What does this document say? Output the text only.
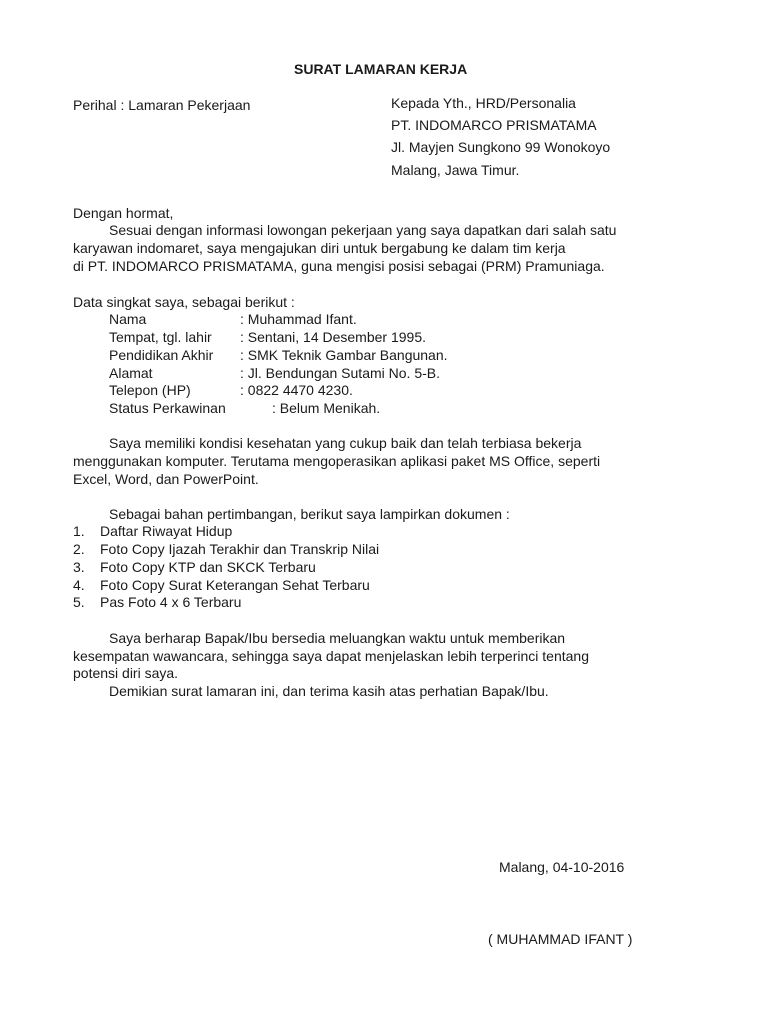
SURAT LAMARAN KERJA
Perihal : Lamaran Pekerjaan	Kepada Yth., HRD/Personalia
PT. INDOMARCO PRISMATAMA
Jl. Mayjen Sungkono 99 Wonokoyo
Malang, Jawa Timur.
Dengan hormat,
Sesuai dengan informasi lowongan pekerjaan yang saya dapatkan dari salah satu
karyawan indomaret, saya mengajukan diri untuk bergabung ke dalam tim kerja
di PT. INDOMARCO PRISMATAMA, guna mengisi posisi sebagai (PRM) Pramuniaga.
Data singkat saya, sebagai berikut :
Nama	: Muhammad Ifant.
Tempat, tgl. lahir : Sentani, 14 Desember 1995.
Pendidikan Akhir : SMK Teknik Gambar Bangunan.
Alamat	: Jl. Bendungan Sutami No. 5-B.
Telepon (HP)	: 0822 4470 4230.
Status Perkawinan	: Belum Menikah.
Saya memiliki kondisi kesehatan yang cukup baik dan telah terbiasa bekerja
menggunakan komputer. Terutama mengoperasikan aplikasi paket MS Office, seperti
Excel, Word, dan PowerPoint.
Sebagai bahan pertimbangan, berikut saya lampirkan dokumen :
1. Daftar Riwayat Hidup
2. Foto Copy Ijazah Terakhir dan Transkrip Nilai
3. Foto Copy KTP dan SKCK Terbaru
4. Foto Copy Surat Keterangan Sehat Terbaru
5. Pas Foto 4 x 6 Terbaru
Saya berharap Bapak/Ibu bersedia meluangkan waktu untuk memberikan
kesempatan wawancara, sehingga saya dapat menjelaskan lebih terperinci tentang
potensi diri saya.
Demikian surat lamaran ini, dan terima kasih atas perhatian Bapak/Ibu.
Malang, 04-10-2016
( MUHAMMAD IFANT )
